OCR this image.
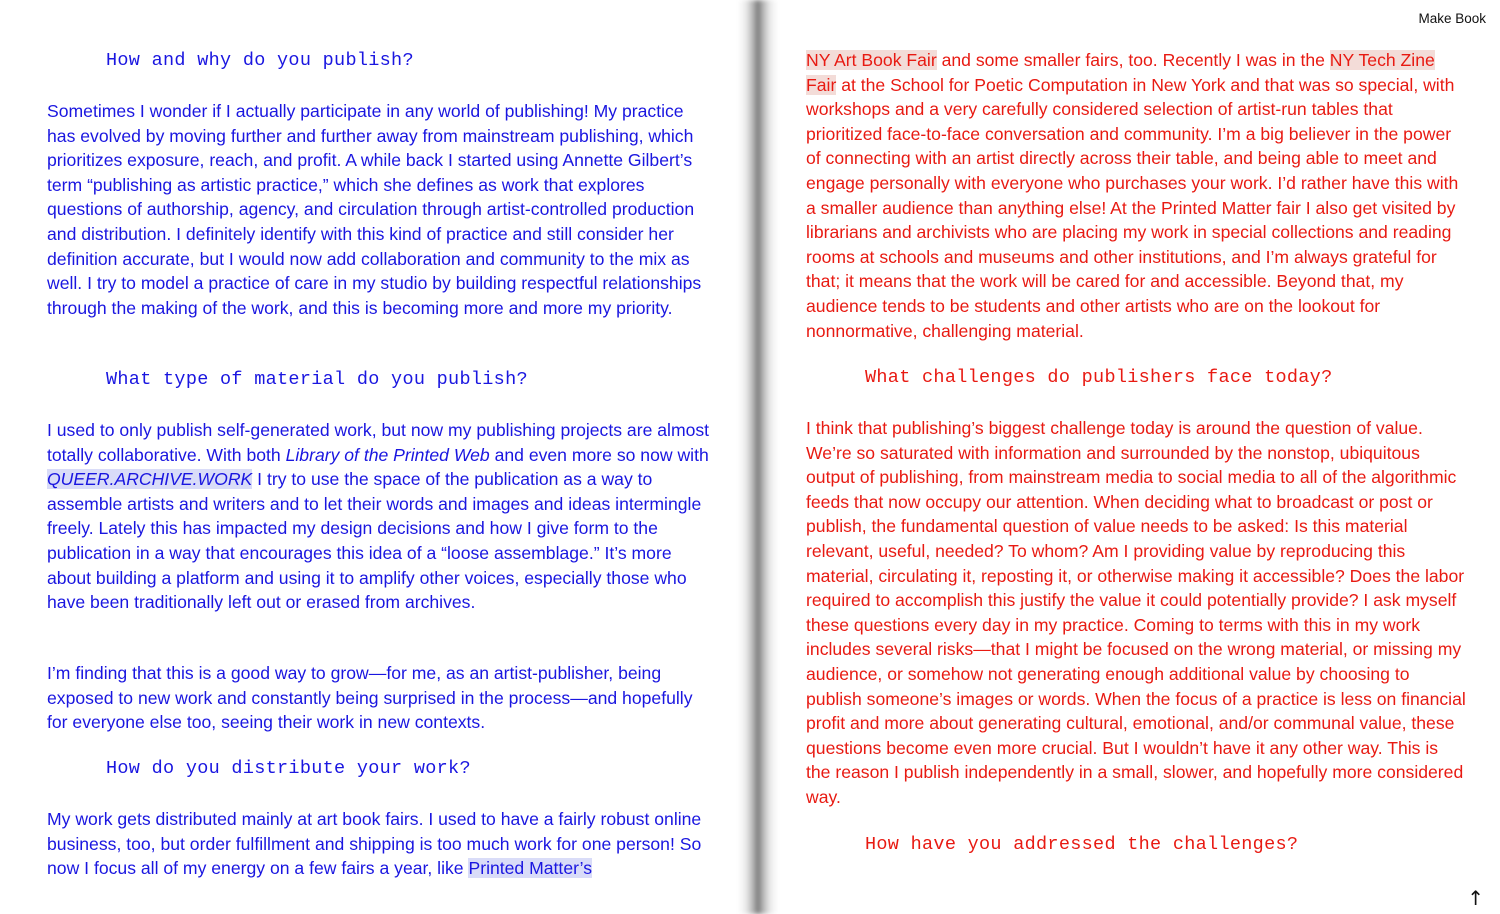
How and why do you publish?

Sometimes I wonder if I actually participate in any world of publishing! My practice has evolved by moving further and further away from mainstream publishing, which prioritizes exposure, reach, and profit. A while back I started using Annette Gilbert’s term “publishing as artistic practice,” which she defines as work that explores questions of authorship, agency, and circulation through artist-controlled production and distribution. I definitely identify with this kind of practice and still consider her definition accurate, but I would now add collaboration and community to the mix as well. I try to model a practice of care in my studio by building respectful relationships through the making of the work, and this is becoming more and more my priority.

What type of material do you publish?

I used to only publish self-generated work, but now my publishing projects are almost totally collaborative. With both Library of the Printed Web and even more so now with QUEER.ARCHIVE.WORK I try to use the space of the publication as a way to assemble artists and writers and to let their words and images and ideas intermingle freely. Lately this has impacted my design decisions and how I give form to the publication in a way that encourages this idea of a “loose assemblage.” It’s more about building a platform and using it to amplify other voices, especially those who have been traditionally left out or erased from archives.

I’m finding that this is a good way to grow—for me, as an artist-publisher, being exposed to new work and constantly being surprised in the process—and hopefully for everyone else too, seeing their work in new contexts.

How do you distribute your work?

My work gets distributed mainly at art book fairs. I used to have a fairly robust online business, too, but order fulfillment and shipping is too much work for one person! So now I focus all of my energy on a few fairs a year, like Printed Matter’s

NY Art Book Fair and some smaller fairs, too. Recently I was in the NY Tech Zine Fair at the School for Poetic Computation in New York and that was so special, with workshops and a very carefully considered selection of artist-run tables that prioritized face-to-face conversation and community. I’m a big believer in the power of connecting with an artist directly across their table, and being able to meet and engage personally with everyone who purchases your work. I’d rather have this with a smaller audience than anything else! At the Printed Matter fair I also get visited by librarians and archivists who are placing my work in special collections and reading rooms at schools and museums and other institutions, and I’m always grateful for that; it means that the work will be cared for and accessible. Beyond that, my audience tends to be students and other artists who are on the lookout for nonnormative, challenging material.

What challenges do publishers face today?

I think that publishing’s biggest challenge today is around the question of value. We’re so saturated with information and surrounded by the nonstop, ubiquitous output of publishing, from mainstream media to social media to all of the algorithmic feeds that now occupy our attention. When deciding what to broadcast or post or publish, the fundamental question of value needs to be asked: Is this material relevant, useful, needed? To whom? Am I providing value by reproducing this material, circulating it, reposting it, or otherwise making it accessible? Does the labor required to accomplish this justify the value it could potentially provide? I ask myself these questions every day in my practice. Coming to terms with this in my work includes several risks—that I might be focused on the wrong material, or missing my audience, or somehow not generating enough additional value by choosing to publish someone’s images or words. When the focus of a practice is less on financial profit and more about generating cultural, emotional, and/or communal value, these questions become even more crucial. But I wouldn’t have it any other way. This is the reason I publish independently in a small, slower, and hopefully more considered way.

How have you addressed the challenges?
Make Book
↑
